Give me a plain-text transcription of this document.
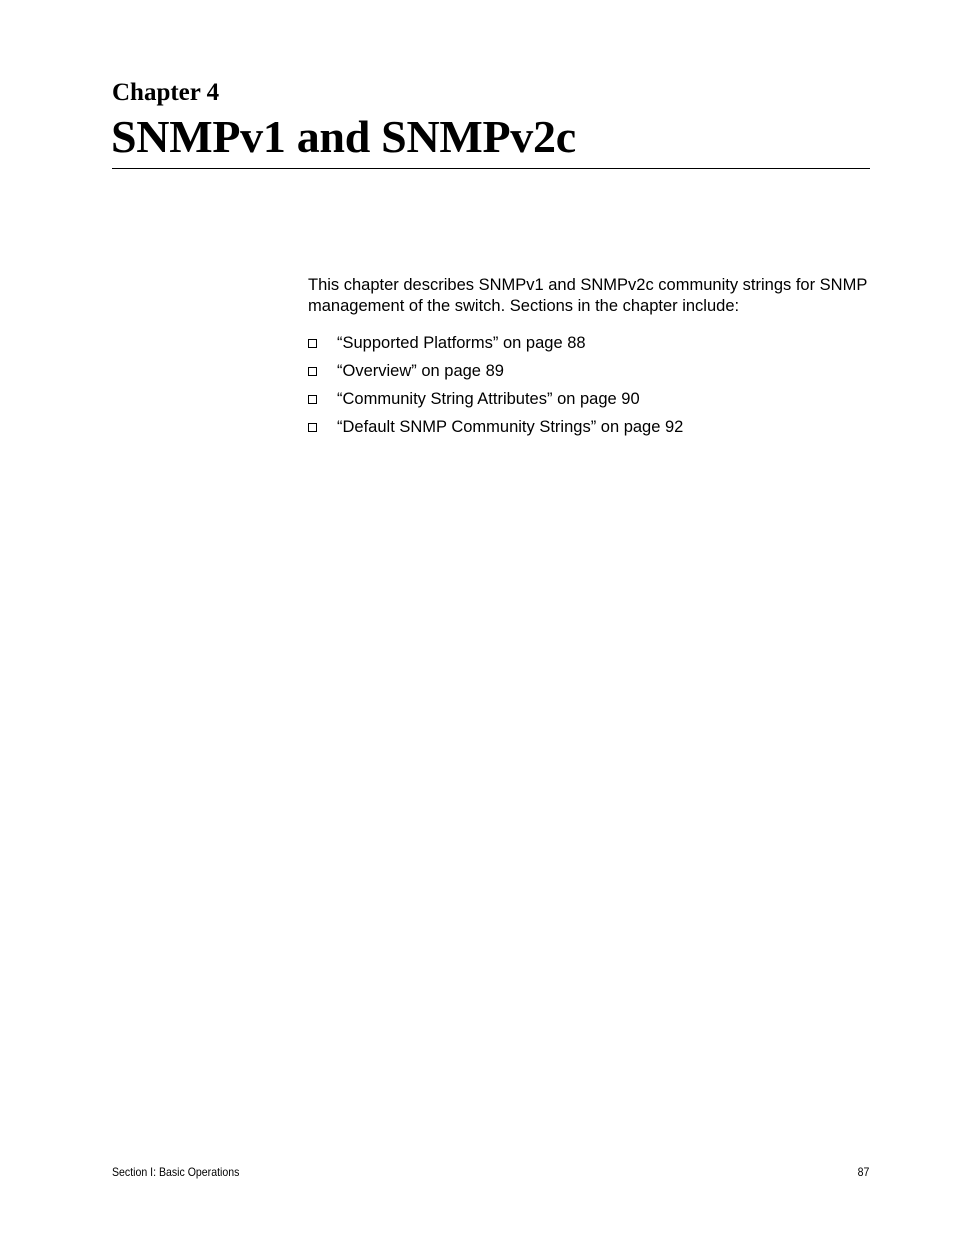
Chapter 4
SNMPv1 and SNMPv2c

This chapter describes SNMPv1 and SNMPv2c community strings for SNMP management of the switch. Sections in the chapter include:

“Supported Platforms” on page 88
“Overview” on page 89
“Community String Attributes” on page 90
“Default SNMP Community Strings” on page 92
Section I: Basic Operations	87
